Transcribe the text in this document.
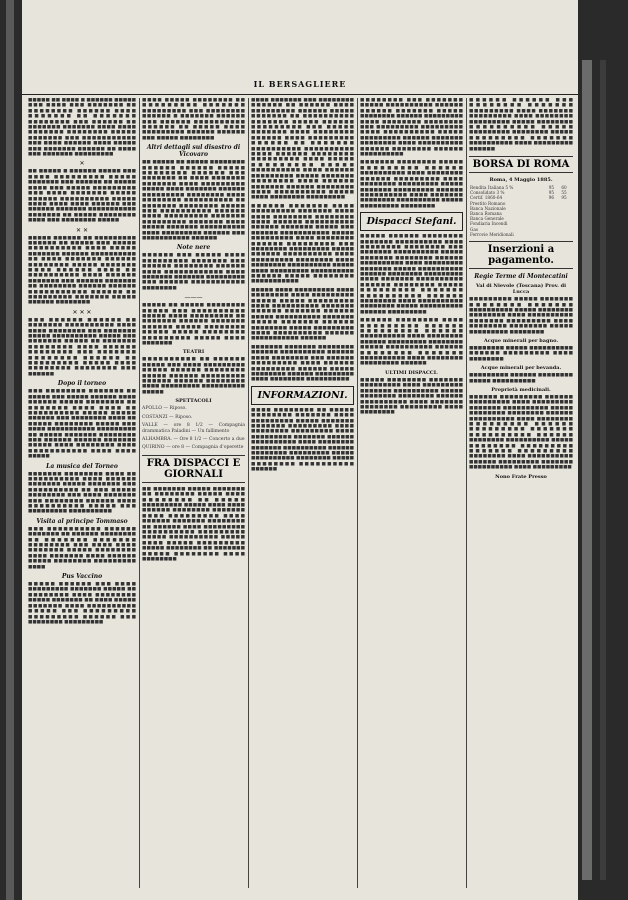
IL BERSAGLIERE

■■■■■ ■■ ■■■■ ■ ■■■■■■ ■■■■■ ■■■ ■■■■ ■■■ ■■■■■■■ ■■ ■■■■■■■■ ■■■■■■ ■■■■ ■■■■■■■ ■■ ■■■■■■■ ■■■■■■■■ ■■■ ■■■■■■ ■■ ■■■■■■■ ■■■■■■■ ■■■■ ■■■■ ■■■■■■■ ■■■■■■■■ ■■■■■ ■■■■■■■ ■■■ ■■■■■■■■■■■ ■■■ ■■■■ ■■■■■■ ■■■■ ■■■■■ ■■■ ■■■■■■■ ■■■■■■ ■■ ■■■■ ■■■ ■■■■■■■ ■■■■■■■■■

✕

■■ ■■■■■ ■ ■■■■■■ ■■■■■ ■■■ ■■■■ ■■■■■■■■■ ■■■■■ ■■■■■■■ ■■■ ■■■■■■ ■■ ■■■■■ ■■■■ ■■■ ■■■■■ ■■■■■■■■■ ■■■ ■■■■ ■■■■■■■ ■■■■■ ■■■■■■ ■■■■■■■■■■ ■■■■■ ■■■■ ■■■■ ■■■■ ■■■■■■ ■■■ ■■■■■■ ■■■■■■■ ■■■■■■■■■■■ ■■■■■■■ ■■ ■■■■■ ■■■■■■■■ ■■■■ ■■■ ■■■■■■■■ ■■■■■

✕ ✕

■■■■■ ■■■■■■ ■■ ■■■■■■■■■ ■■■■■■ ■■ ■■■■■ ■■■ ■■■■■ ■■■■■■■■■■ ■■■■ ■■■■■ ■■■■■■■ ■■■■■■ ■■■■■■■■■■ ■■ ■■■■ ■■■■■■■ ■■■■■■ ■■■■■■■■ ■■■■■ ■■■■■■■ ■■■■ ■■■■■■ ■■■■ ■■ ■■■■■■■■■■ ■■■■ ■■■■■■ ■■■■■■■ ■■■ ■■■■■■ ■■■■■■■ ■■ ■■■■■■■■ ■■■■■■ ■■■■■■ ■■■■■■■■■■■ ■■■■■■ ■■ ■■■■■■■■■ ■■■■■■■ ■■■■■ ■■■■■■ ■■■■■■■■

✕ ✕ ✕

■■■ ■■■■■■ ■■■■■■ ■■ ■■■■■■■ ■■■■■■■■■■ ■■■■ ■■■■ ■■■■■■■■ ■■■ ■■■■■■■ ■■■■■ ■■■■■■■■■■ ■■■■■ ■■■ ■■■■■■■ ■■■■■ ■■ ■■■■■■■ ■■■■■■■■ ■■■■ ■■■■■■ ■■■■■■■■ ■■■ ■■■■■■■ ■■■■■■■■ ■■■■■■ ■■ ■■■■■■■■■ ■■■■■ ■■■■ ■■■■■■■■ ■■■■■■■■ ■■■ ■■■■■■

Dopo il torneo

■■■ ■■■■■■■■ ■■■■■■■ ■■ ■■■■■ ■■■ ■■■■■ ■■■■■■ ■■■■ ■■■■■■ ■■■■■ ■■■■■■■■ ■■ ■■■■■■■ ■■■■ ■■■■ ■■ ■■■■■■■■■■ ■■■■■ ■■■■■ ■■■■■■ ■■■ ■■■■■■■■ ■■■■ ■■ ■■■■■ ■■■■■■■■ ■■■■■ ■■■ ■■■■ ■■■■■■■■■■■ ■■■■■■■■■ ■■ ■■■■■ ■■■■■■■ ■■■■■■■■ ■■■ ■■■■■■ ■■■■■■ ■■■■■■■ ■■■■■ ■■■■ ■■■■■■■■ ■■■■ ■■■■■■■■■■■ ■■■■ ■■■■ ■■■■■

La musica del Torneo

■■■■■■■ ■■■■■■■■ ■■■■ ■■ ■■■■■■■■■■ ■■■■ ■■■■■■ ■■■■■■■ ■■■■■ ■■■■■■■ ■■■ ■■■■■■■■■■ ■■ ■■■ ■■■■■ ■■■■■■■■ ■■■ ■■■■ ■■■■■■■ ■■■ ■■■■■■■■ ■■■■■■ ■■■■ ■■■■■■■■■■ ■■■■■ ■■■ ■■■■■■■■■ ■■■■■■■■■■

Visita al principe Tommaso

■■■ ■■■■■■■■■■ ■■■■■■ ■■■■■■■ ■■ ■■■■■■ ■■■■■■■■ ■■ ■■■■■■■ ■■■■■■■ ■■■■■■■■ ■■■ ■■■■ ■■■■ ■■■■■■■ ■■■■■ ■■■■■■■■ ■■■■ ■■■■■■■ ■■■■ ■■■■■■ ■■■■■ ■■■■■■■■ ■■■■■■■■■ ■■■■

Pus Vaccino

■■■■■ ■■■■■■ ■■■ ■■■■ ■■■■■■■■■ ■■■■■■■ ■■■■■ ■■ ■■■■■■■■ ■■■■ ■■■■■■■■ ■■■■■ ■■■■■■■ ■■ ■■■■ ■■■■■ ■■■■■■■ ■■■■ ■■■■■■■■■■ ■■■■■ ■■■ ■■■■■■■■■ ■■■■■■■■■ ■■■■■■ ■■■ ■■■■■■■■ ■■■■■■■■■

■■■■ ■■■■■ ■■■■■■■■ ■■ ■■■■■■■■■ ■■■■■■■ ■■■■■■■■■ ■■■ ■■■■■■■■ ■■■■■■ ■ ■■■■■■■ ■■■■■■ ■■■ ■■■■■■ ■■■■■■■■■■ ■■■■■■ ■■ ■■■■■ ■■■■ ■■■■■■■■■ ■■■■■■ ■■■■■■ ■■■ ■■■■■ ■■■■■■■■

Altri dettagli sul disastro di Vicovaro

■■ ■■■■■ ■■ ■■■■■ ■■■■■■■■ ■■■■■■ ■■■■■■ ■■■■■ ■■■■■■■■ ■■■■■■ ■■■ ■■■■■■■ ■■ ■■■■ ■■■■■■■ ■■■■■■■ ■■■■ ■■■■■■■■■ ■■■■■ ■■■■ ■■■■■■■ ■■■■■■ ■■■■■■■■■ ■■■■■■■■ ■■■■ ■■■■■■■■ ■■■■■■■■■■ ■■ ■■■■■■■ ■■■■■■■■ ■■■■■ ■■■ ■■■■■■■■■■ ■■■■■■ ■■■■ ■■■■■■■■■ ■■■■■■■ ■■■■■■■■■ ■■■■■■■ ■■■■ ■■■■■ ■■■■■■■ ■■■■■■■■■■ ■■■■ ■■■■■■■■■ ■■■■■■ ■■■ ■■■■■■■■■■■ ■■■■■■

Note nere

■■■■■■ ■■■ ■■■■■ ■■■■ ■■■■■■■■■ ■■■■■■■ ■■■ ■■■■■■ ■■■■■■■■ ■■■■■■ ■■■■ ■■■■■■■■■■■■ ■■■■ ■■■■■■■ ■■■■■■■ ■■■■■■■■■ ■■■ ■■■■■■ ■■■■■■■■■■■ ■■■■■■■■

———

■■■■■ ■■ ■■■■■ ■■■■■■■■ ■■■■■ ■■■ ■■■■■■■■■■ ■■■■■ ■■■■ ■■■■■■■■■ ■■ ■■■■■■■ ■■■■■■ ■■■■■■■ ■■■■■■ ■■■■■ ■■■■■■■■ ■■■■■ ■■■■■ ■■■■■■■■ ■■■■■■■■■ ■■■■■ ■■■■ ■■■■■■■

TEATRI

■■■■■■■■■■ ■■ ■■■■■■ ■■■■■ ■■■ ■■■■ ■■■■■■■■■ ■■■■■ ■■■■■■ ■■■■■■■■ ■■■■■ ■■■■■■ ■■■■■■■■■ ■■■■■■ ■■■■■■ ■■■■■■■■ ■■■■ ■■■■■■■■■ ■■■■■■■■■■ ■■■■■

SPETTACOLI

APOLLO — Riposo.

COSTANZI — Riposo.

VALLE — ore 8 1/2 — Compagnia drammatica Paladini — Un fallimento

ALHAMBRA. — Ore 8 1/2 — Concerto a due

QUIRINO — ore 8 — Compagnia d'operette

FRA DISPACCI E GIORNALI

■■ ■■■■■■■ ■■■■■ ■■■■■■■ ■■ ■■■■■■■■ ■■■■■ ■■■■ ■■■■■■■■ ■■ ■■■■■ ■■■■■■■■■ ■■■■■ ■■■■ ■■■■ ■■■■■■ ■■■■■■■■ ■■■■■■■ ■■■■ ■■■■■■■■■ ■■■■ ■■■■■■ ■■■■■■■ ■■■■■■■■ ■■ ■■■■■■ ■■■■ ■■■■■■■■■ ■■■■■■■■■■ ■■■■■■■■■ ■■■■■ ■■■■■■■■■■ ■■■■■ ■■■■ ■■■■■ ■■■■■■■■■ ■■■■■ ■■■■■■■■ ■■ ■■■■■■■ ■■■■■ ■■■■■■■■ ■■■■ ■■■■■■■■

■■■■ ■■■■■■■ ■■■ ■■■■■■■■ ■■■■■■ ■■ ■■■■■■ ■■■■ ■■■■■■■■■ ■■■■■■ ■■■■■ ■■■■■■■ ■■ ■■■■■■■■■■ ■■■■■■■ ■■■■■ ■■■■■■ ■■■■■■■■■ ■■■ ■■■■■ ■■■■■■■ ■■■■ ■■■■■■■■ ■■■■■■ ■■■■ ■■■■■■■■■ ■■■■■■ ■■ ■■■■■■■ ■■■■■■■■■■ ■■■■■■■■■■ ■■■■ ■■■■■■ ■■■■■■■■ ■■■■■■■■■ ■■■■ ■■■■■ ■■■■■■■■■ ■■■■■ ■■■■■■■■■■ ■■■■ ■■■■■■ ■■■■■■■■■ ■■■■■ ■■■■■■■ ■■■■■■■■ ■■■■ ■■■■■■ ■■■■■■■ ■■■■■■ ■■■■■■■■ ■■■■ ■■■■■■■■■■ ■■■■■ ■■■■ ■■■■■■■■ ■■■■■■■■■

■■■■■■ ■■■■■■■ ■■■■ ■■■■■■■■■ ■■■■■■■ ■■■■ ■■■■ ■■■■■■■■ ■■■■■■■■ ■■■■ ■■■■■■ ■■■■■■■■■■ ■■■■■■ ■■■■■■■ ■■■■■ ■■■ ■■■■■■ ■■■■■■■■■■■ ■■■■■ ■■■■■■■■■ ■■■■ ■■■■■■■■ ■■■■■■ ■■■■■■■■■ ■■■ ■■■■■■■■ ■■■■■■■■■ ■■■■■ ■■■■■■ ■■■■■■■■■■ ■■■■ ■■■■■■■■■ ■■■■■■■■ ■■■■ ■■■■■■■■ ■■■■■■■■■■ ■■■■■ ■■■■ ■■■■■■■■■ ■■■■■■■■■■ ■■■■■■ ■■■■■ ■■■■■■■■ ■■■■■■■■■■■

■■■■■ ■■■■ ■■■■■■■■■ ■■■■ ■■■■■■■■ ■■■■ ■■■■■■■■■ ■■■■■ ■■■■■ ■■■■■■■■■ ■■■■ ■■■■■■■■■■ ■■■■■■■ ■■■■■■ ■■■■■■■ ■■■■■■ ■■■■■ ■■■■■■■■■■ ■■■■■■■ ■■■■■ ■■■■■■■ ■■■■■■ ■■■■■■■■ ■■■■■ ■■■■■■■■■ ■■■■ ■■■■■■■■■■ ■■■■■■ ■■■■■■■■■■■ ■■■■■■

■■■■■■■ ■■■■■■■ ■■■■■■■■ ■■■■■■ ■■■■■■■■■■ ■■■■■■ ■■■■ ■■■■■■■■ ■■■ ■■■■■■ ■■■■■■■■■ ■■■■ ■■■■■■ ■■■■■■■■■ ■■■■■■ ■■■■■ ■■■■■■■■ ■■■■■■ ■■■■■■■■■ ■■■■ ■■■■■■■■ ■■■■■■■■■■

INFORMAZIONI.

■■■■ ■■■■■■■■ ■■ ■■■■■ ■■■■■■■■ ■■■■■■■ ■■■■ ■■■■■■■■■ ■■■■■ ■■■■■■■ ■■■■■■■ ■■■■■■■■■ ■■■■ ■■■■■■■■ ■■■■■■■■■ ■■■■ ■■■■■■■■■ ■■■■■■■ ■■■■■■ ■■■■■■■■■■ ■■■■ ■■■■■■■■ ■■■■■■■ ■■■■■■■■■■ ■■■■■■ ■■■■■■■■ ■■■■■■■■■ ■■■■■ ■■■■■■■■■■ ■■■■■■■■ ■■■■■ ■■■■■■■■ ■■■■■■■■■■ ■■■■■■

■■■■■■■■ ■■■ ■■■■■■■ ■■■■■ ■■■■■■■■■■ ■■■■■■ ■■■■■■ ■■■■■■■ ■■■■■ ■■■■■■■■ ■■■■■■ ■■■■■■■■■ ■■■■ ■■■■■■■■ ■■■■■■■■ ■■■ ■■■■■■■■■ ■■■■■■■■■ ■■■■ ■■■■■■■■■■ ■■■■■ ■■■■■■■■■ ■■■■■■ ■■■■■■■ ■■■■■■■■ ■■■■ ■■■■■■■■■■ ■■■■■■ ■■■■■■■■ ■■■■■■ ■■■■■■■■■■

■■■■■■■ ■■■■■■■■ ■■■■■ ■■■■■■■■■ ■■■■■■ ■■■■■■■■■■ ■■■■ ■■■■■■■■ ■■■■■■ ■■■■■■■■■ ■■■■ ■■■■■■■■ ■■■■■■■■■ ■■■■■ ■■■■■■■ ■■■■■■■■■ ■■■■■■ ■■■■■■■■■■ ■■■■ ■■■■■■■ ■■■■■■■■ ■■■■■■■■■■ ■■■■■ ■■■■■■■■■ ■■■■■■■■

Dispacci Stefani.

■■■■■ ■■■■■■ ■■■■■■■■ ■■■■■■■ ■■■■■■■■■■ ■■■■ ■■■■■■■■ ■■■■■■■■ ■■■ ■■■■■■■ ■■■■■■■■■■ ■■■■■ ■■■■■■■ ■■■■■■■■ ■■■■■■ ■■■■■■■■■■ ■■■■ ■■■■■■■■■ ■■■■■■■ ■■■■■ ■■■■■■■■■■ ■■■■■■ ■■■■■■■■ ■■■■■■■■■ ■■■■ ■■■■■■■ ■■■■■■■■■■ ■■■■■■ ■■■■■■■■ ■■■■■ ■■■■■■■■■ ■■■■■■■ ■■■■■■■■■■ ■■■■■■ ■■■■■■■■ ■■■■ ■■■■■■■■■■ ■■■■■■■■ ■■■■■ ■■■■■■■■■■ ■■■■■■ ■■■■■■■■■

■■■■■■ ■■■■■■■■ ■■■■ ■■■■■■■■■ ■■■■■■ ■■■■■■■■■ ■■■■■■ ■■■■■■■■■■ ■■■■ ■■■■■■■■ ■■■■■■ ■■■■■■■■■ ■■■■■■■■ ■■■■■ ■■■■■■■■■■ ■■■■■■ ■■■■■■■■ ■■■■■■■ ■■■■■■■■■■ ■■■■ ■■■■■■■■ ■■■■■■■■■ ■■■■■■

ULTIMI DISPACCI.

■■■■■ ■■■■■■■■ ■■■■■■■ ■■■■■■■■■ ■■■■ ■■■■■■■■■ ■■■■■■■ ■■■■■■■■■■ ■■■■■ ■■■■■■■■ ■■■■■■■■ ■■■■■■ ■■■■■■■■■■ ■■■■ ■■■■■■■ ■■■■■■■■ ■■■■■■■■■ ■■■■ ■■■■■■■■

■■■■■■ ■■■■■■ ■■■ ■■■■■■■■ ■■■■■■■ ■■■■■■■■■ ■■■■ ■■■■■■■ ■■■■■■■■■ ■■■■ ■■■■■■■■ ■■■■■■■■■ ■■■■■ ■■■■■■■■ ■■■■■■■■■■ ■■■■■ ■■■■■■■■■ ■■■■■■■■ ■■■■■ ■■■■■■■■■ ■■■■■■■ ■■■■■■■■■■ ■■■■ ■■■■■■■■■ ■■■■■■

BORSA DI ROMA

Roma, 4 Maggio 1885.

Rendita Italiana 5 %	95	60
Consolidato 3 %	95	55
Certif. 1860-64	96	95
Prestito Romano		
Banca Nazionale		
Banca Romana		
Banca Generale		
Fondiaria Incendi		
Gas		
Ferrovie Meridionali		

Inserzioni a pagamento.

Regie Terme di Montecatini

Val di Nievole (Toscana) Prov. di Lucca

■■■■■■■■■ ■■■■■ ■■■■■■■ ■■■■■■■■ ■■■■■■■ ■■■■■■■■■■ ■■■■■ ■■■■■■■■ ■■■■■■■■ ■■■■ ■■■■■■■■■■ ■■■■■■■ ■■■■■■■■■ ■■■■ ■■■■■■■■ ■■■■■■■■ ■■■■■ ■■■■■■■■■ ■■■■■■■■

Acque minerali per bagno.

■■■■■■■■ ■■■■■ ■■■■■■■■■■ ■■■■■■ ■■■■■■■■■ ■■■■ ■■■■■■■■

Acque minerali per bevanda.

■■■■■■■■■ ■■■■■■ ■■■■■■■■ ■■■■■ ■■■■■■■■■■

Proprietà medicinali.

■■■■■■ ■■■■■■■■■ ■■■■■■ ■■■■■■■■■ ■■■■ ■■■■■■■■■ ■■■■■■■ ■■■■■■■■■■ ■■■■■ ■■■■■■■■ ■■■■■■■■ ■■■■■■ ■■■■■■■■■■ ■■■■ ■■■■■■■■ ■■■■■■■■■ ■■■■■■ ■■■■■■■■■ ■■■■■■■ ■■■■■■■■■■ ■■■■■■ ■■■■■■■■ ■■■■■■■■■■ ■■■■■ ■■■■■■■■ ■■■■■■■■■ ■■■■■■■ ■■■■■■■■■ ■■■■■■■■ ■■■■ ■■■■■■■■■■ ■■■■■■ ■■■■■■■■■ ■■■■■■■ ■■■■■■■■■■ ■■■■ ■■■■■■■■■

Nono Frate Presso
